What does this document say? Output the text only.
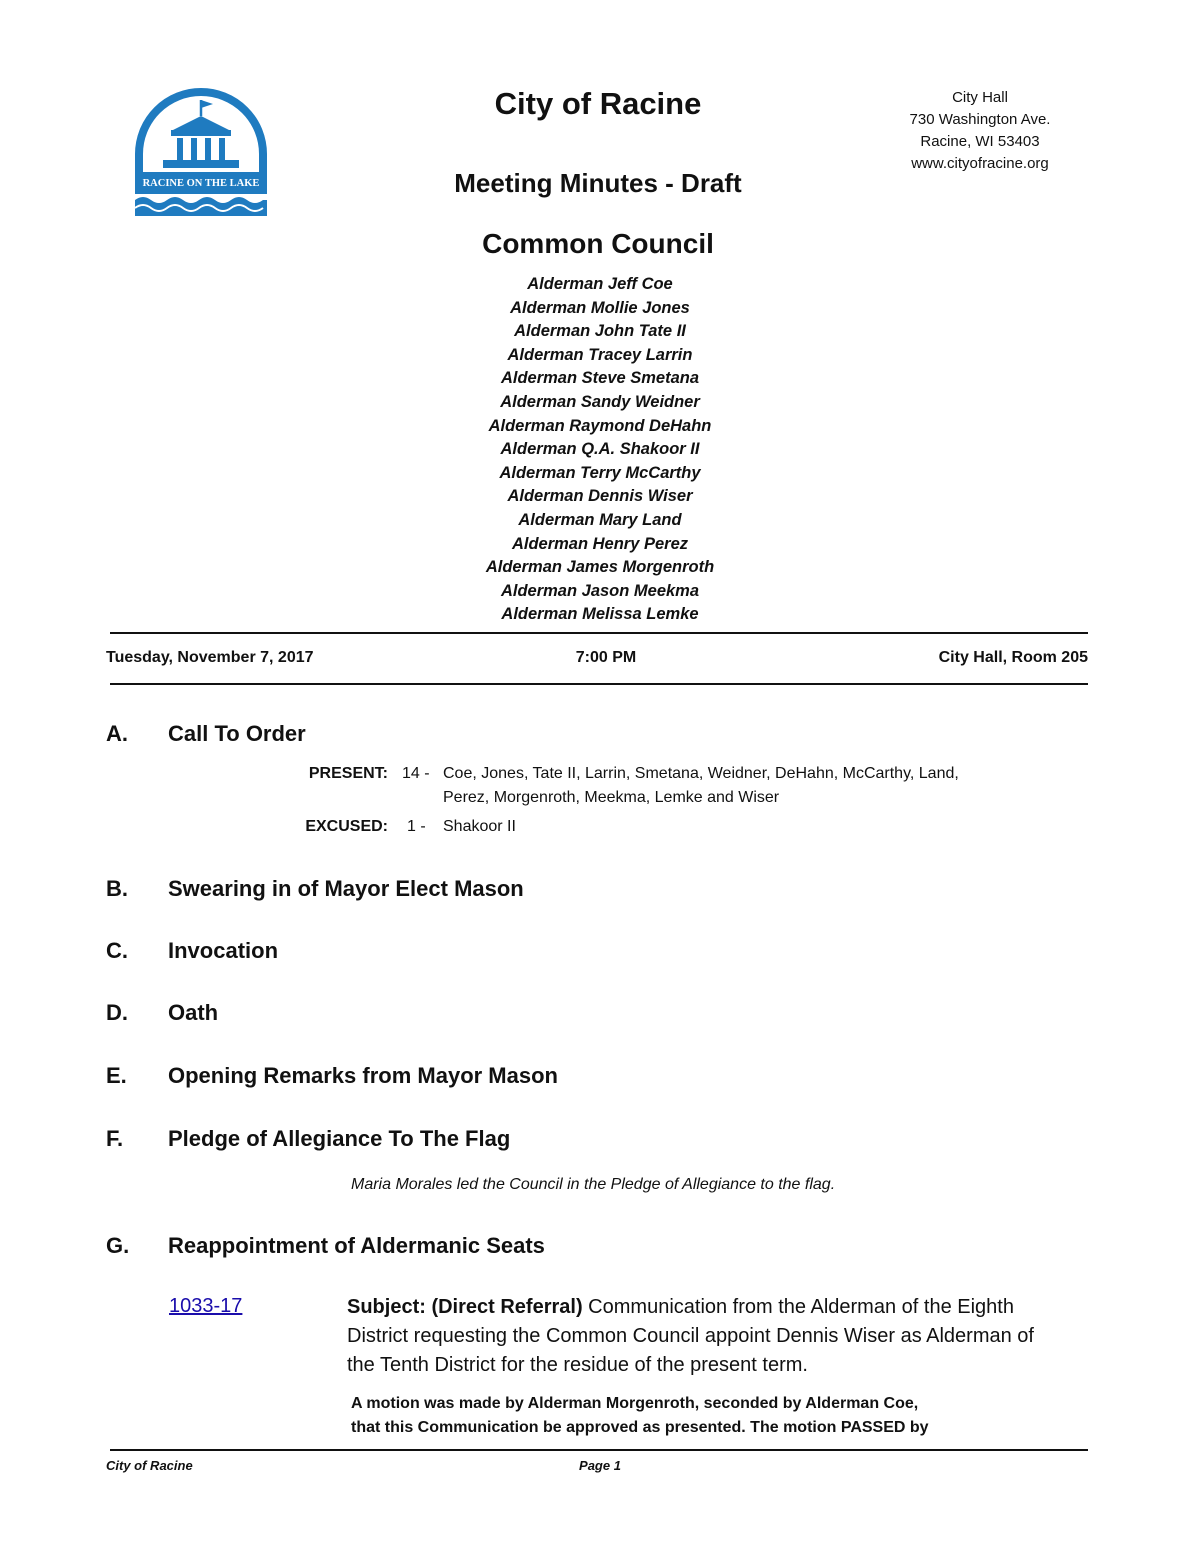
RACINE ON THE LAKE
City of Racine	City Hall
730 Washington Ave.
Racine, WI 53403
www.cityofracine.org
Meeting Minutes - Draft
Common Council
Alderman Jeff Coe
Alderman Mollie Jones
Alderman John Tate II
Alderman Tracey Larrin
Alderman Steve Smetana
Alderman Sandy Weidner
Alderman Raymond DeHahn
Alderman Q.A. Shakoor II
Alderman Terry McCarthy
Alderman Dennis Wiser
Alderman Mary Land
Alderman Henry Perez
Alderman James Morgenroth
Alderman Jason Meekma
Alderman Melissa Lemke
Tuesday, November 7, 2017	7:00 PM	City Hall, Room 205
A. Call To Order
PRESENT: 14 - Coe, Jones, Tate II, Larrin, Smetana, Weidner, DeHahn, McCarthy, Land,
Perez, Morgenroth, Meekma, Lemke and Wiser
EXCUSED: 1 -	Shakoor II
B. Swearing in of Mayor Elect Mason
C. Invocation
D. Oath
E. Opening Remarks from Mayor Mason
F. Pledge of Allegiance To The Flag
Maria Morales led the Council in the Pledge of Allegiance to the flag.
G. Reappointment of Aldermanic Seats
1033-17	Subject: (Direct Referral) Communication from the Alderman of the Eighth District requesting the Common Council appoint Dennis Wiser as Alderman of the Tenth District for the residue of the present term.
A motion was made by Alderman Morgenroth, seconded by Alderman Coe,
that this Communication be approved as presented. The motion PASSED by
City of Racine	Page 1
